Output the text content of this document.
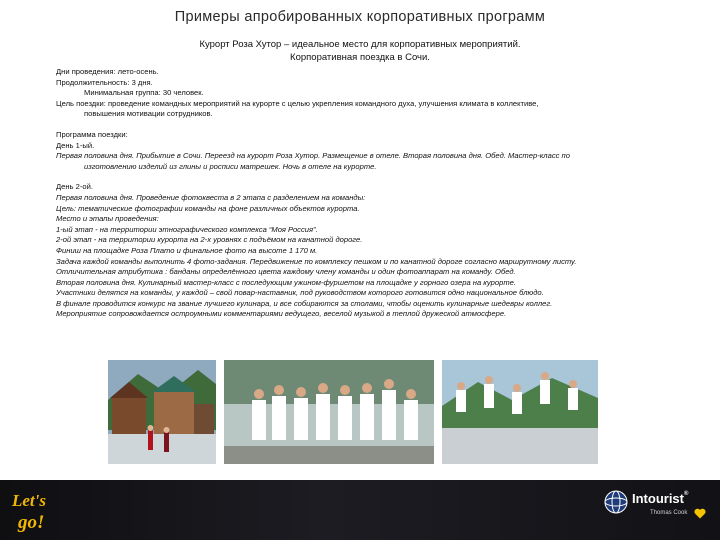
Примеры апробированных корпоративных программ
Курорт Роза Хутор – идеальное место для корпоративных мероприятий.
Корпоративная поездка в Сочи.

Дни проведения: лето-осень.

Продолжительность: 3 дня.

Минимальная группа: 30 человек.

Цель поездки: проведение командных мероприятий на курорте с целью укрепления командного духа, улучшения климата в коллективе,

повышения мотивации сотрудников.

Программа поездки:

День 1-ый.

Первая половина дня. Прибытие в Сочи. Переезд на курорт Роза Хутор. Размещение в отеле. Вторая половина дня. Обед. Мастер-класс по

изготовлению изделий из глины и росписи матрешек. Ночь в отеле на курорте.

День 2-ой.

Первая половина дня. Проведение фотоквеста в 2 этапа с разделением на команды:

Цель: тематические фотографии команды на фоне различных объектов курорта.

Место и этапы проведения:

1-ый этап - на территории этнографического комплекса “Моя Россия”.

2-ой этап - на территории курорта на 2-х уровнях с подъёмом на канатной дороге.

Финиш на площадке Роза Плато и финальное фото на высоте 1 170 м.

Задача каждой команды выполнить 4 фото-задания. Передвижение по комплексу пешком и по канатной дороге согласно маршрутному листу.

Отличительная атрибутика : банданы определённого цвета каждому члену команды и один фотоаппарат на команду. Обед.

Вторая половина дня. Кулинарный мастер-класс с последующим ужином-фуршетом на площадке у горного озера на курорте.

Участники делятся на команды, у каждой – свой повар-наставник, под руководством которого готовится одно национальное блюдо.

В финале проводится конкурс на звание лучшего кулинара, и все собираются за столами, чтобы оценить кулинарные шедевры коллег.

Мероприятие сопровождается остроумными комментариями ведущего, веселой музыкой в теплой дружеской атмосфере.

Let's
go!
Intourist®
Thomas Cook
